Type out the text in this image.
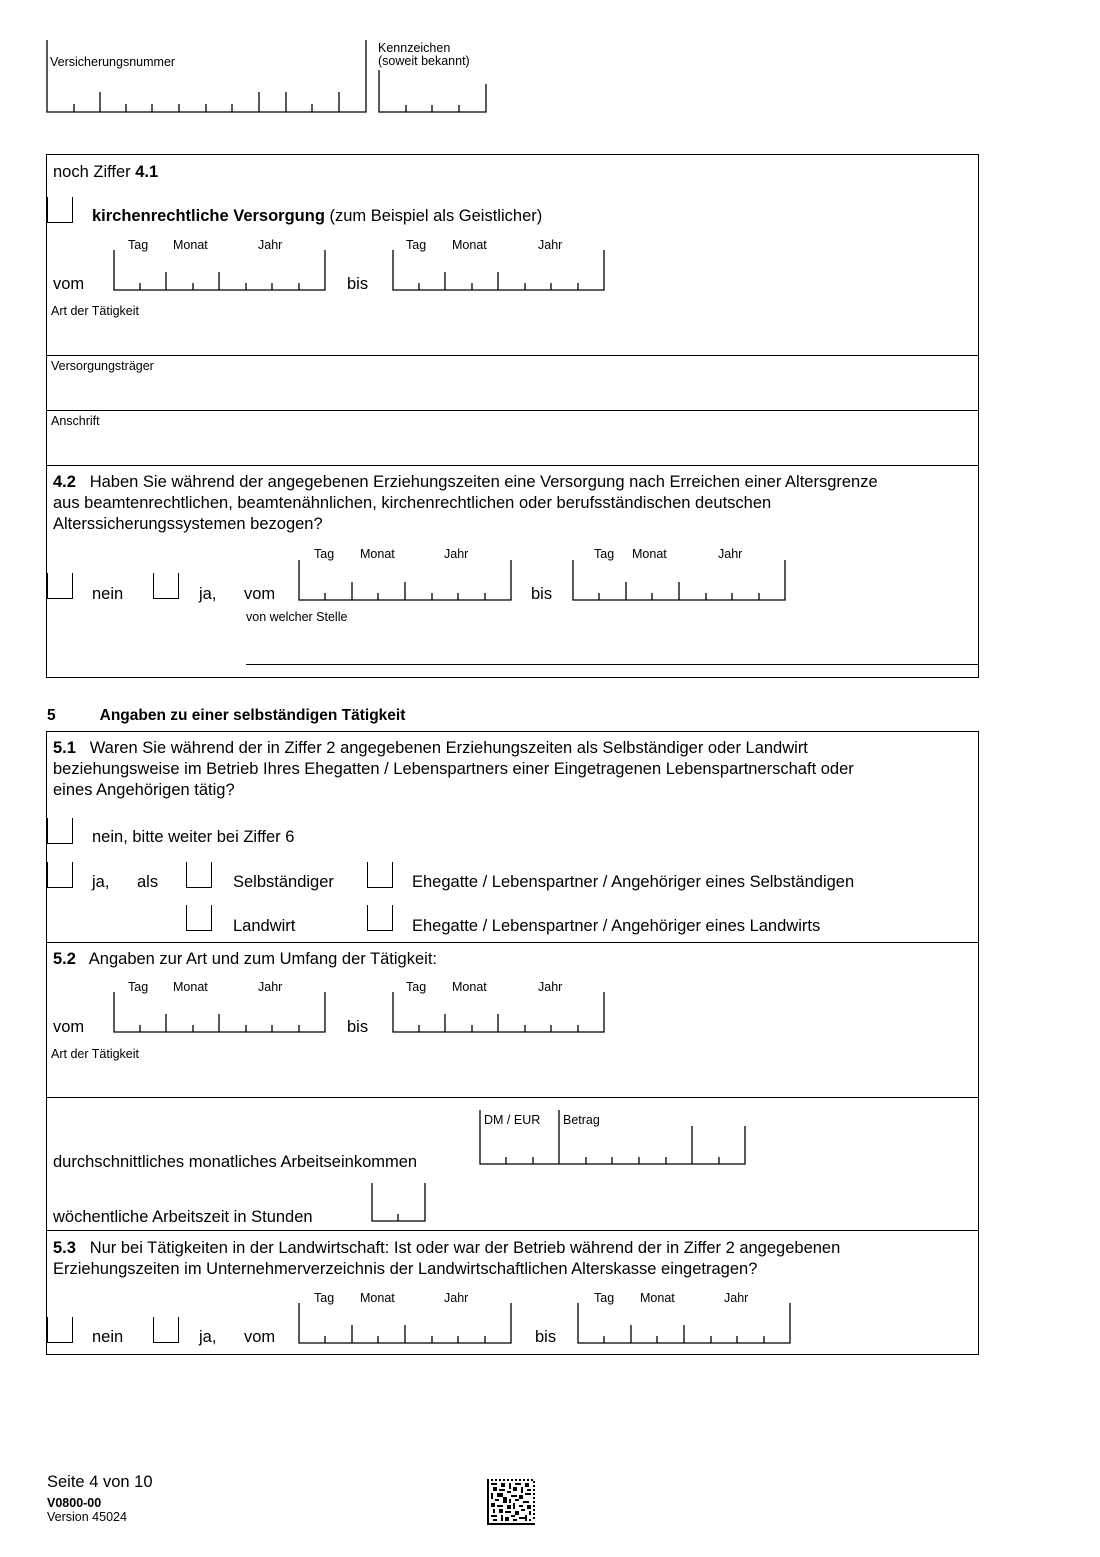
Versicherungsnummer
Kennzeichen
(soweit bekannt)
noch Ziffer 4.1
kirchenrechtliche Versorgung (zum Beispiel als Geistlicher)
Tag Monat	Jahr	Tag Monat	Jahr
vom	bis
Art der Tätigkeit
Versorgungsträger
Anschrift
4.2 Haben Sie während der angegebenen Erziehungszeiten eine Versorgung nach Erreichen einer Altersgrenze
aus beamtenrechtlichen, beamtenähnlichen, kirchenrechtlichen oder berufsständischen deutschen
Alterssicherungssystemen bezogen?
Tag Monat	Jahr	Tag Monat	Jahr
nein	ja, vom	bis
von welcher Stelle
5	Angaben zu einer selbständigen Tätigkeit
5.1 Waren Sie während der in Ziffer 2 angegebenen Erziehungszeiten als Selbständiger oder Landwirt
beziehungsweise im Betrieb Ihres Ehegatten / Lebenspartners einer Eingetragenen Lebenspartnerschaft oder
eines Angehörigen tätig?
nein, bitte weiter bei Ziffer 6
ja, als	Selbständiger	Ehegatte / Lebenspartner / Angehöriger eines Selbständigen
Landwirt	Ehegatte / Lebenspartner / Angehöriger eines Landwirts
5.2 Angaben zur Art und zum Umfang der Tätigkeit:
Tag Monat	Jahr	Tag Monat	Jahr
vom	bis
Art der Tätigkeit
DM / EUR Betrag
durchschnittliches monatliches Arbeitseinkommen
wöchentliche Arbeitszeit in Stunden
5.3 Nur bei Tätigkeiten in der Landwirtschaft: Ist oder war der Betrieb während der in Ziffer 2 angegebenen
Erziehungszeiten im Unternehmerverzeichnis der Landwirtschaftlichen Alterskasse eingetragen?
Tag Monat	Jahr	Tag Monat	Jahr
nein	ja, vom	bis
Seite 4 von 10
V0800-00
Version 45024
